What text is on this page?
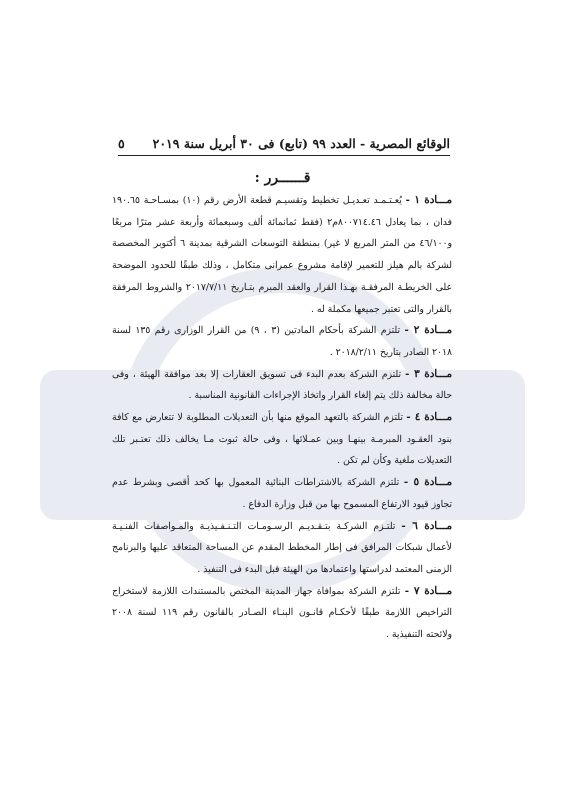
الوقائع المصرية - العدد ٩٩ (تابع) فى ٣٠ أبريل سنة ٢٠١٩
٥
قــــــرر :

مـــادة ١ - يُعـتـمـد تعـديـل تخطيط وتقسيـم قطعة الأرض رقم (١٠) بمسـاحـة ١٩٠.٦٥ فدان ، بما يعادل ٨٠٠٧١٤.٤٦م٢ (فقط ثمانمائة ألف وسبعمائة وأربعة عشر مترًا مربعًا و٤٦/١٠٠ من المتر المربع لا غير) بمنطقة التوسعات الشرقية بمدينة ٦ أكتوبر المخصصة لشركة بالم هيلز للتعمير لإقامة مشروع عمرانى متكامل ، وذلك طبقًا للحدود الموضحة على الخريطـة المرفقـة بهـذا القرار والعقد المبرم بتـاريخ ٢٠١٧/٧/١١ والشروط المرفقة بالقرار والتى تعتبر جميعها مكملة له .

مـــادة ٢ - تلتزم الشركة بأحكام المادتين (٣ ، ٩) من القرار الوزارى رقم ١٣٥ لسنة ٢٠١٨ الصادر بتاريخ ٢٠١٨/٢/١١ .

مـــادة ٣ - تلتزم الشركة بعدم البدء فى تسويق العقارات إلا بعد موافقة الهيئة ، وفى حالة مخالفة ذلك يتم إلغاء القرار واتخاذ الإجراءات القانونية المناسبة .

مـــادة ٤ - تلتزم الشركة بالتعهد الموقع منها بأن التعديلات المطلوبة لا تتعارض مع كافة بنود العقـود المبرمـة بينهـا وبين عمـلائها ، وفى حالة ثبوت مـا يخالف ذلك تعتـبر تلك التعديلات ملغية وكأن لم تكن .

مـــادة ٥ - تلتزم الشركة بالاشتراطات البنائية المعمول بها كحد أقصى وبشرط عدم تجاوز قيود الارتفاع المسموح بها من قبل وزارة الدفاع .

مـــادة ٦ - تلتـزم الشركـة بتـقـديـم الرسـومـات التـنـفـيذيـة والمـواصفات الفنـيـة لأعمال شبكات المرافق فى إطار المخطط المقدم عن المساحة المتعاقد عليها والبرنامج الزمنى المعتمد لدراستها واعتمادها من الهيئة قبل البدء فى التنفيذ .

مـــادة ٧ - تلتزم الشركة بموافاة جهاز المدينة المختص بالمستندات اللازمة لاستخراج التراخيص اللازمة طبقًا لأحكـام قانـون البنـاء الصـادر بالقانون رقم ١١٩ لسنة ٢٠٠٨ ولائحته التنفيذية .
